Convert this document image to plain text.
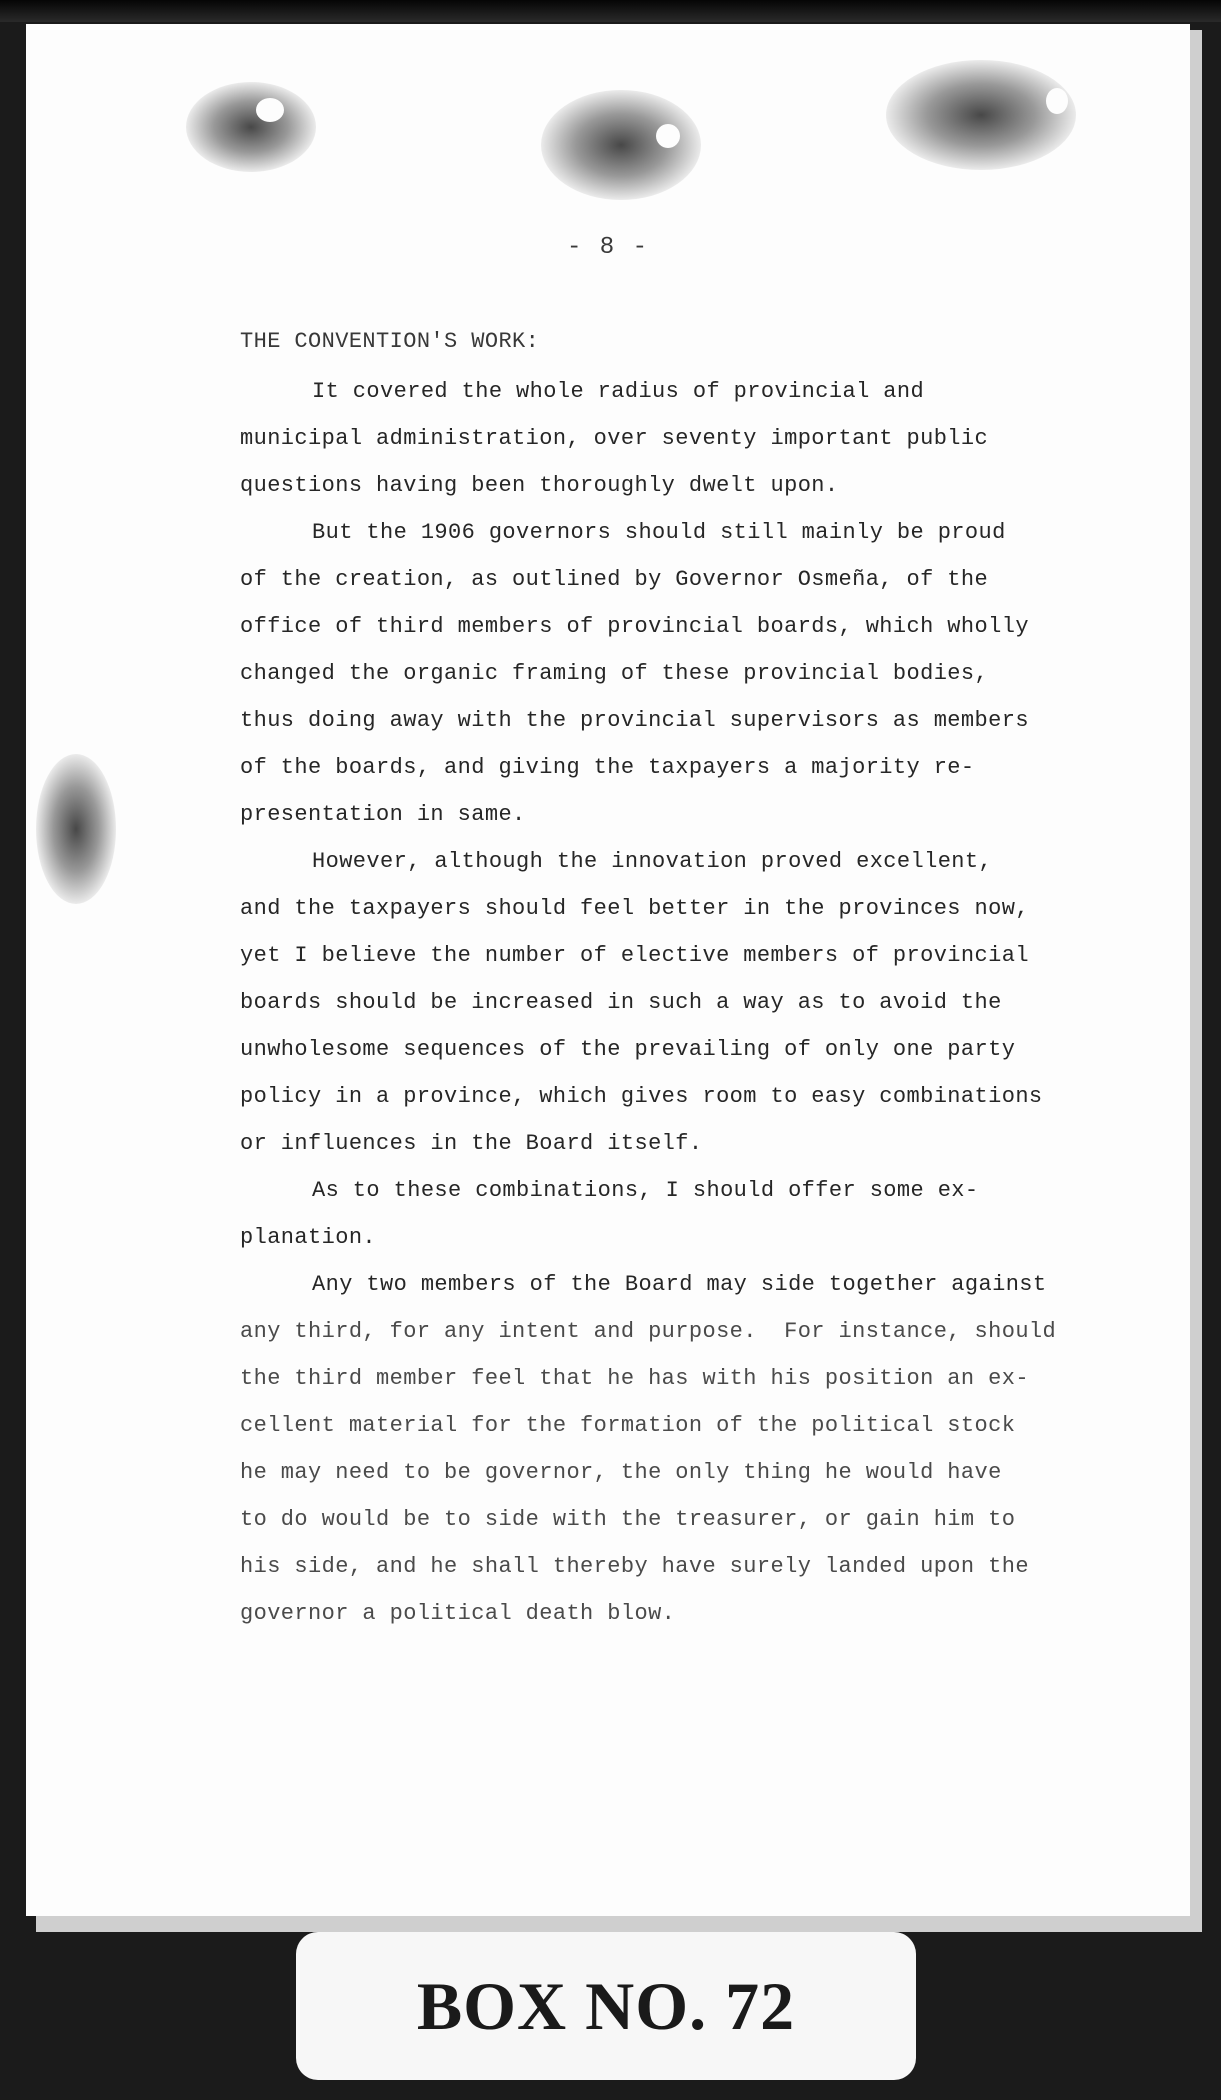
- 8 -
THE CONVENTION'S WORK:
It covered the whole radius of provincial and
municipal administration, over seventy important public
questions having been thoroughly dwelt upon.
But the 1906 governors should still mainly be proud
of the creation, as outlined by Governor Osmeña, of the
office of third members of provincial boards, which wholly
changed the organic framing of these provincial bodies,
thus doing away with the provincial supervisors as members
of the boards, and giving the taxpayers a majority re-
presentation in same.
However, although the innovation proved excellent,
and the taxpayers should feel better in the provinces now,
yet I believe the number of elective members of provincial
boards should be increased in such a way as to avoid the
unwholesome sequences of the prevailing of only one party
policy in a province, which gives room to easy combinations
or influences in the Board itself.
As to these combinations, I should offer some ex-
planation.
Any two members of the Board may side together against
any third, for any intent and purpose.  For instance, should
the third member feel that he has with his position an ex-
cellent material for the formation of the political stock
he may need to be governor, the only thing he would have
to do would be to side with the treasurer, or gain him to
his side, and he shall thereby have surely landed upon the
governor a political death blow.
BOX NO. 72
